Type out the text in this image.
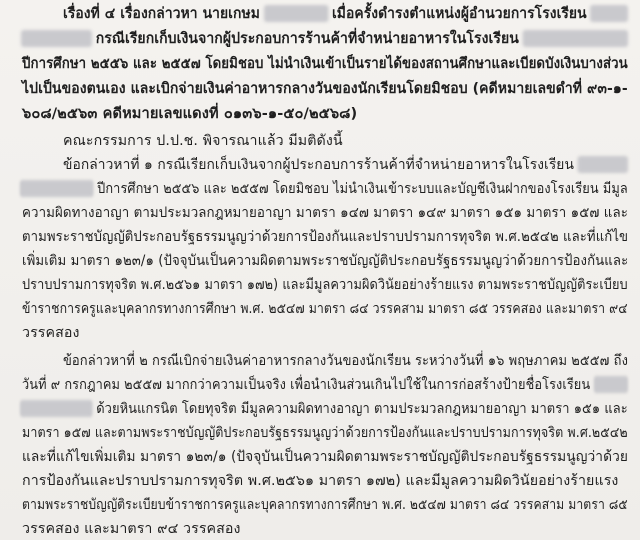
เรื่องที่ ๔ เรื่องกล่าวหา นายเกษม	เมื่อครั้งดำรงตำแหน่งผู้อำนวยการโรงเรียน
กรณีเรียกเก็บเงินจากผู้ประกอบการร้านค้าที่จำหน่ายอาหารในโรงเรียน
ปีการศึกษา ๒๕๕๖ และ ๒๕๕๗ โดยมิชอบ ไม่นำเงินเข้าเป็นรายได้ของสถานศึกษาและเบียดบังเงินบางส่วน
ไปเป็นของตนเอง และเบิกจ่ายเงินค่าอาหารกลางวันของนักเรียนโดยมิชอบ (คดีหมายเลขดำที่ ๙๓-๑-
๖๐๘/๒๕๖๓ คดีหมายเลขแดงที่ ๐๑๓๖-๑-๕๐/๒๕๖๘)
คณะกรรมการ ป.ป.ช. พิจารณาแล้ว มีมติดังนี้
ข้อกล่าวหาที่ ๑ กรณีเรียกเก็บเงินจากผู้ประกอบการร้านค้าที่จำหน่ายอาหารในโรงเรียน
ปีการศึกษา ๒๕๕๖ และ ๒๕๕๗ โดยมิชอบ ไม่นำเงินเข้าระบบและบัญชีเงินฝากของโรงเรียน มีมูล
ความผิดทางอาญา ตามประมวลกฎหมายอาญา มาตรา ๑๔๗ มาตรา ๑๔๙ มาตรา ๑๕๑ มาตรา ๑๕๗ และ
ตามพระราชบัญญัติประกอบรัฐธรรมนูญว่าด้วยการป้องกันและปราบปรามการทุจริต พ.ศ.๒๕๔๒ และที่แก้ไข
เพิ่มเติม มาตรา ๑๒๓/๑ (ปัจจุบันเป็นความผิดตามพระราชบัญญัติประกอบรัฐธรรมนูญว่าด้วยการป้องกันและ
ปราบปรามการทุจริต พ.ศ.๒๕๖๑ มาตรา ๑๗๒) และมีมูลความผิดวินัยอย่างร้ายแรง ตามพระราชบัญญัติระเบียบ
ข้าราชการครูและบุคลากรทางการศึกษา พ.ศ. ๒๕๔๗ มาตรา ๘๔ วรรคสาม มาตรา ๘๕ วรรคสอง และมาตรา ๙๔
วรรคสอง
ข้อกล่าวหาที่ ๒ กรณีเบิกจ่ายเงินค่าอาหารกลางวันของนักเรียน ระหว่างวันที่ ๑๖ พฤษภาคม ๒๕๕๗ ถึง
วันที่ ๙ กรกฎาคม ๒๕๕๗ มากกว่าความเป็นจริง เพื่อนำเงินส่วนเกินไปใช้ในการก่อสร้างป้ายชื่อโรงเรียน
ด้วยหินแกรนิต โดยทุจริต มีมูลความผิดทางอาญา ตามประมวลกฎหมายอาญา มาตรา ๑๕๑ และ
มาตรา ๑๕๗ และตามพระราชบัญญัติประกอบรัฐธรรมนูญว่าด้วยการป้องกันและปราบปรามการทุจริต พ.ศ.๒๕๔๒
และที่แก้ไขเพิ่มเติม มาตรา ๑๒๓/๑ (ปัจจุบันเป็นความผิดตามพระราชบัญญัติประกอบรัฐธรรมนูญว่าด้วย
การป้องกันและปราบปรามการทุจริต พ.ศ.๒๕๖๑ มาตรา ๑๗๒) และมีมูลความผิดวินัยอย่างร้ายแรง
ตามพระราชบัญญัติระเบียบข้าราชการครูและบุคลากรทางการศึกษา พ.ศ. ๒๕๔๗ มาตรา ๘๔ วรรคสาม มาตรา ๘๕
วรรคสอง และมาตรา ๙๔ วรรคสอง
